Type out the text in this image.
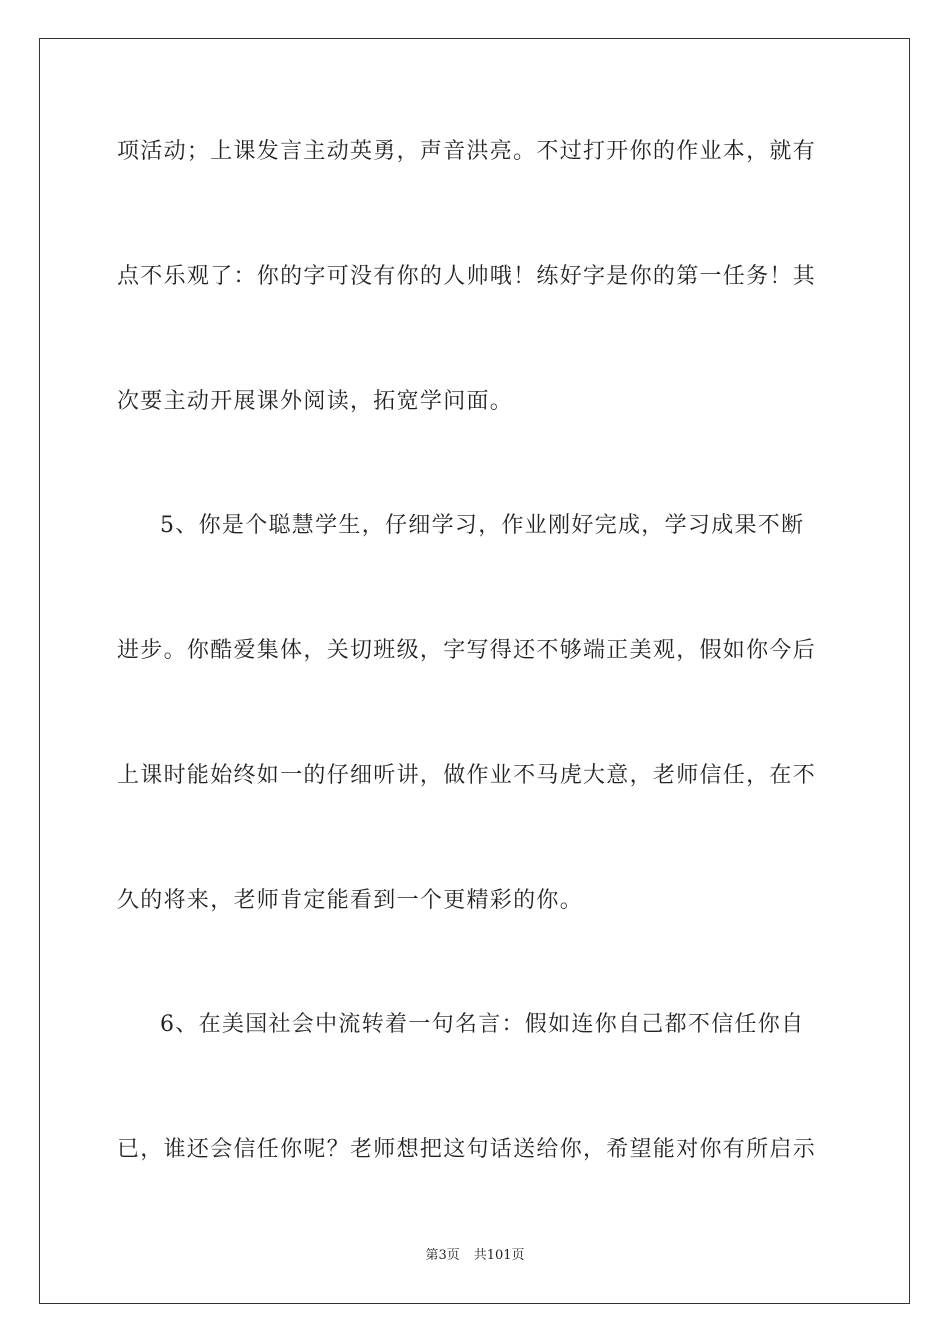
项活动；上课发言主动英勇，声音洪亮。不过打开你的作业本，就有
点不乐观了：你的字可没有你的人帅哦！练好字是你的第一任务！其
次要主动开展课外阅读，拓宽学问面。
5、你是个聪慧学生，仔细学习，作业刚好完成，学习成果不断
进步。你酷爱集体，关切班级，字写得还不够端正美观，假如你今后
上课时能始终如一的仔细听讲，做作业不马虎大意，老师信任，在不
久的将来，老师肯定能看到一个更精彩的你。
6、在美国社会中流转着一句名言：假如连你自己都不信任你自
已，谁还会信任你呢？老师想把这句话送给你，希望能对你有所启示
第3页 共101页
